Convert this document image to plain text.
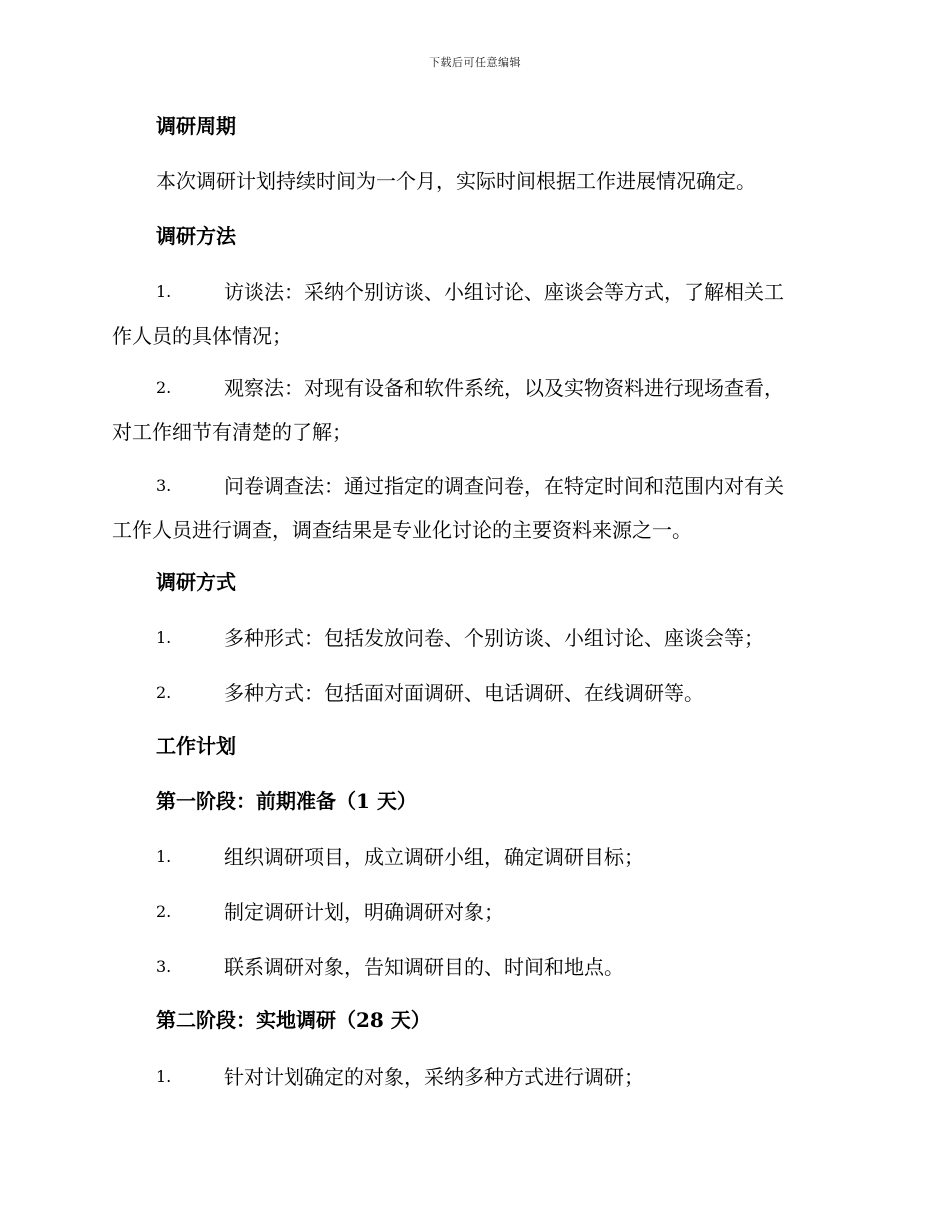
下载后可任意编辑
调研周期
本次调研计划持续时间为一个月，实际时间根据工作进展情况确定。
调研方法
1.	访谈法：采纳个别访谈、小组讨论、座谈会等方式，了解相关工
作人员的具体情况；
2.	观察法：对现有设备和软件系统，以及实物资料进行现场查看，
对工作细节有清楚的了解；
3.	问卷调查法：通过指定的调查问卷，在特定时间和范围内对有关
工作人员进行调查，调查结果是专业化讨论的主要资料来源之一。
调研方式
1.	多种形式：包括发放问卷、个别访谈、小组讨论、座谈会等；
2.	多种方式：包括面对面调研、电话调研、在线调研等。
工作计划
第一阶段：前期准备（1 天）
1.	组织调研项目，成立调研小组，确定调研目标；
2.	制定调研计划，明确调研对象；
3.	联系调研对象，告知调研目的、时间和地点。
第二阶段：实地调研（28 天）
1.	针对计划确定的对象，采纳多种方式进行调研；
